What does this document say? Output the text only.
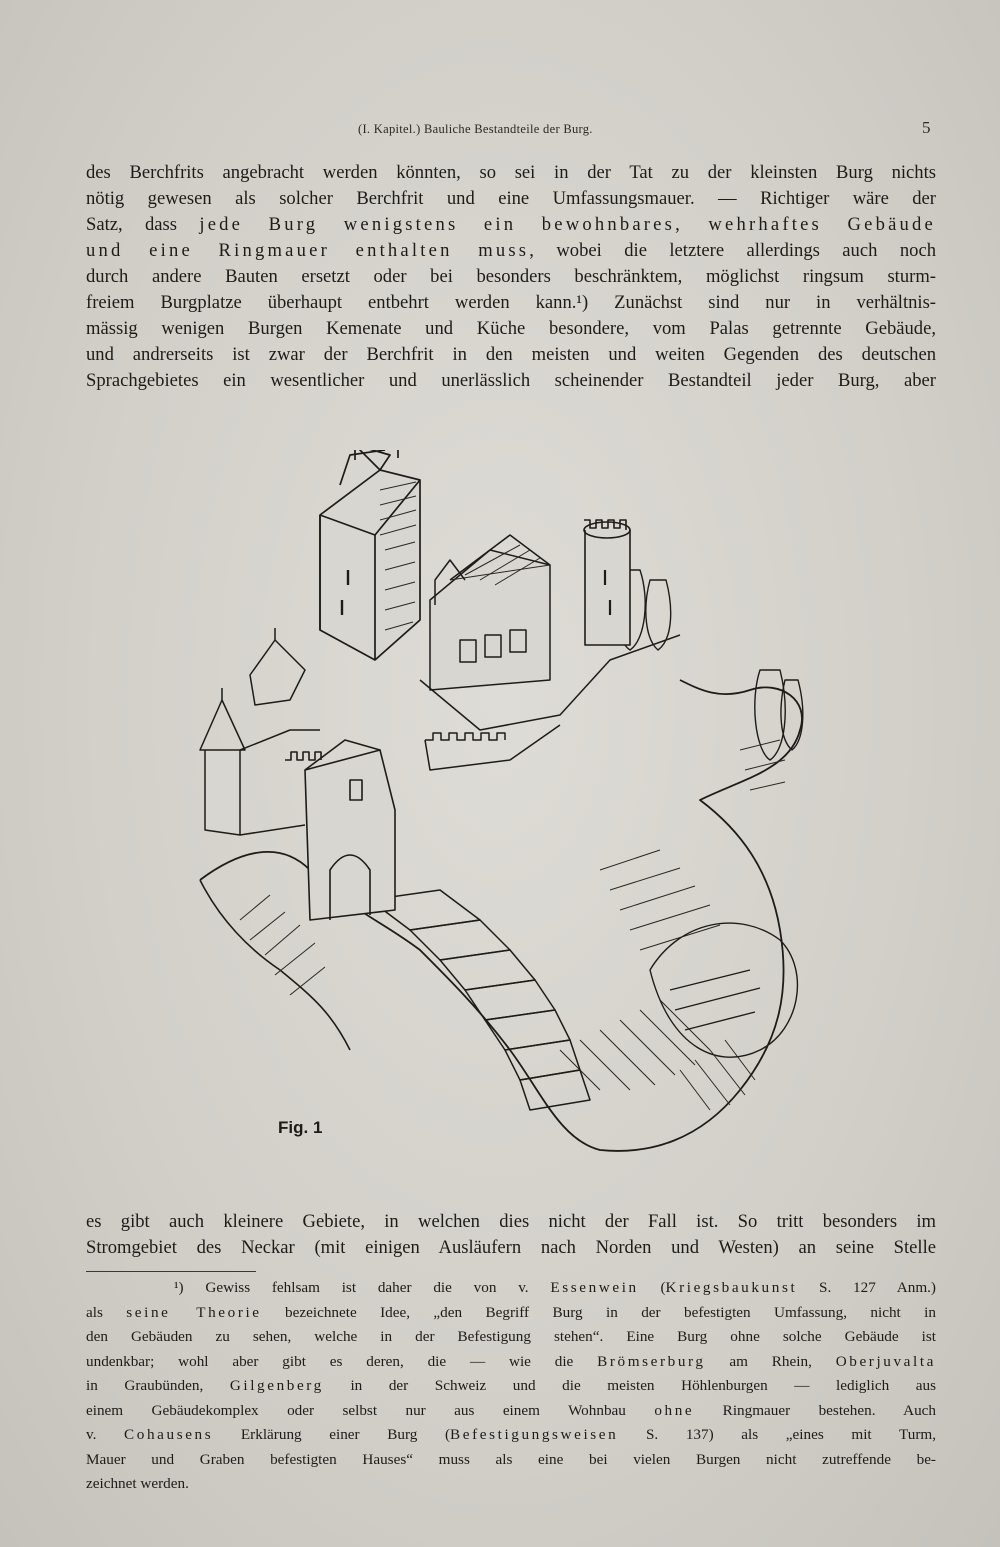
(I. Kapitel.) Bauliche Bestandteile der Burg.	5
des Berchfrits angebracht werden könnten, so sei in der Tat zu der kleinsten Burg nichts
nötig gewesen als solcher Berchfrit und eine Umfassungsmauer. — Richtiger wäre der
Satz, dass jede Burg wenigstens ein bewohnbares, wehrhaftes Gebäude
und eine Ringmauer enthalten muss, wobei die letztere allerdings auch noch
durch andere Bauten ersetzt oder bei besonders beschränktem, möglichst ringsum sturm-
freiem Burgplatze überhaupt entbehrt werden kann.¹) Zunächst sind nur in verhältnis-
mässig wenigen Burgen Kemenate und Küche besondere, vom Palas getrennte Gebäude,
und andrerseits ist zwar der Berchfrit in den meisten und weiten Gegenden des deutschen
Sprachgebietes ein wesentlicher und unerlässlich scheinender Bestandteil jeder Burg, aber
Fig. 1
es gibt auch kleinere Gebiete, in welchen dies nicht der Fall ist. So tritt besonders im
Stromgebiet des Neckar (mit einigen Ausläufern nach Norden und Westen) an seine Stelle
¹) Gewiss fehlsam ist daher die von v. Essenwein (Kriegsbaukunst S. 127 Anm.)
als seine Theorie bezeichnete Idee, „den Begriff Burg in der befestigten Umfassung, nicht in
den Gebäuden zu sehen, welche in der Befestigung stehen“. Eine Burg ohne solche Gebäude ist
undenkbar; wohl aber gibt es deren, die — wie die Brömserburg am Rhein, Oberjuvalta
in Graubünden, Gilgenberg in der Schweiz und die meisten Höhlenburgen — lediglich aus
einem Gebäudekomplex oder selbst nur aus einem Wohnbau ohne Ringmauer bestehen. Auch
v. Cohausens Erklärung einer Burg (Befestigungsweisen S. 137) als „eines mit Turm,
Mauer und Graben befestigten Hauses“ muss als eine bei vielen Burgen nicht zutreffende be-
zeichnet werden.
